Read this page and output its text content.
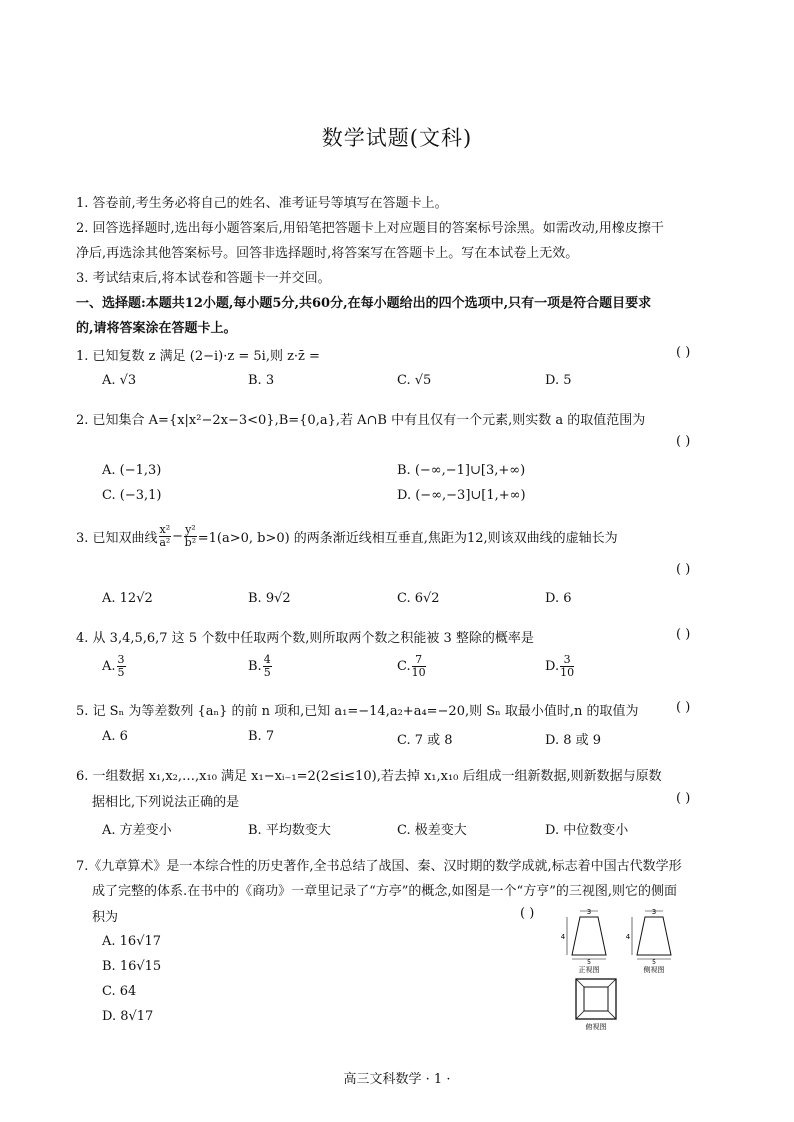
数学试题(文科)
1. 答卷前,考生务必将自己的姓名、准考证号等填写在答题卡上。
2. 回答选择题时,选出每小题答案后,用铅笔把答题卡上对应题目的答案标号涂黑。如需改动,用橡皮擦干
净后,再选涂其他答案标号。回答非选择题时,将答案写在答题卡上。写在本试卷上无效。
3. 考试结束后,将本试卷和答题卡一并交回。
一、选择题:本题共12小题,每小题5分,共60分,在每小题给出的四个选项中,只有一项是符合题目要求
的,请将答案涂在答题卡上。
1. 已知复数 z 满足 (2−i)·z = 5i,则 z·z̄ =	( )
A. √3	B. 3	C. √5	D. 5
2. 已知集合 A={x|x²−2x−3<0},B={0,a},若 A∩B 中有且仅有一个元素,则实数 a 的取值范围为
( )
A. (−1,3)	B. (−∞,−1]∪[3,+∞)
C. (−3,1)	D. (−∞,−3]∪[1,+∞)
3. 已知双曲线 $\frac{\text{x²}}{\text{a²}} - \frac{\text{y²}}{\text{b²}} =1(a>0$, b>0) 的两条渐近线相互垂直,焦距为12,则该双曲线的虚轴长为
( )
A. 12√2	B. 9√2	C. 6√2	D. 6
4. 从 3,4,5,6,7 这 5 个数中任取两个数,则所取两个数之积能被 3 整除的概率是	( )
A. $\frac{3}{5}$	B. $\frac{4}{5}$	C. $\frac{7}{10}$	D. $\frac{3}{10}$
5. 记 Sₙ 为等差数列 {aₙ} 的前 n 项和,已知 a₁=−14,a₂+a₄=−20,则 Sₙ 取最小值时,n 的取值为	( )
A. 6	B. 7	C. 7 或 8	D. 8 或 9
6. 一组数据 x₁,x₂,…,x₁₀ 满足 x₁−xᵢ₋₁=2(2≤i≤10),若去掉 x₁,x₁₀ 后组成一组新数据,则新数据与原数
据相比,下列说法正确的是	( )
A. 方差变小	B. 平均数变大	C. 极差变大	D. 中位数变小
7.《九章算术》是一本综合性的历史著作,全书总结了战国、秦、汉时期的数学成就,标志着中国古代数学形
成了完整的体系.在书中的《商功》一章里记录了“方亭”的概念,如图是一个“方亨”的三视图,则它的侧面
积为	( )
A. 16√17
B. 16√15
C. 64
D. 8√17
3
4
5
正视图
3
4
5
侧视图
俯视图
高三文科数学 · 1 ·
